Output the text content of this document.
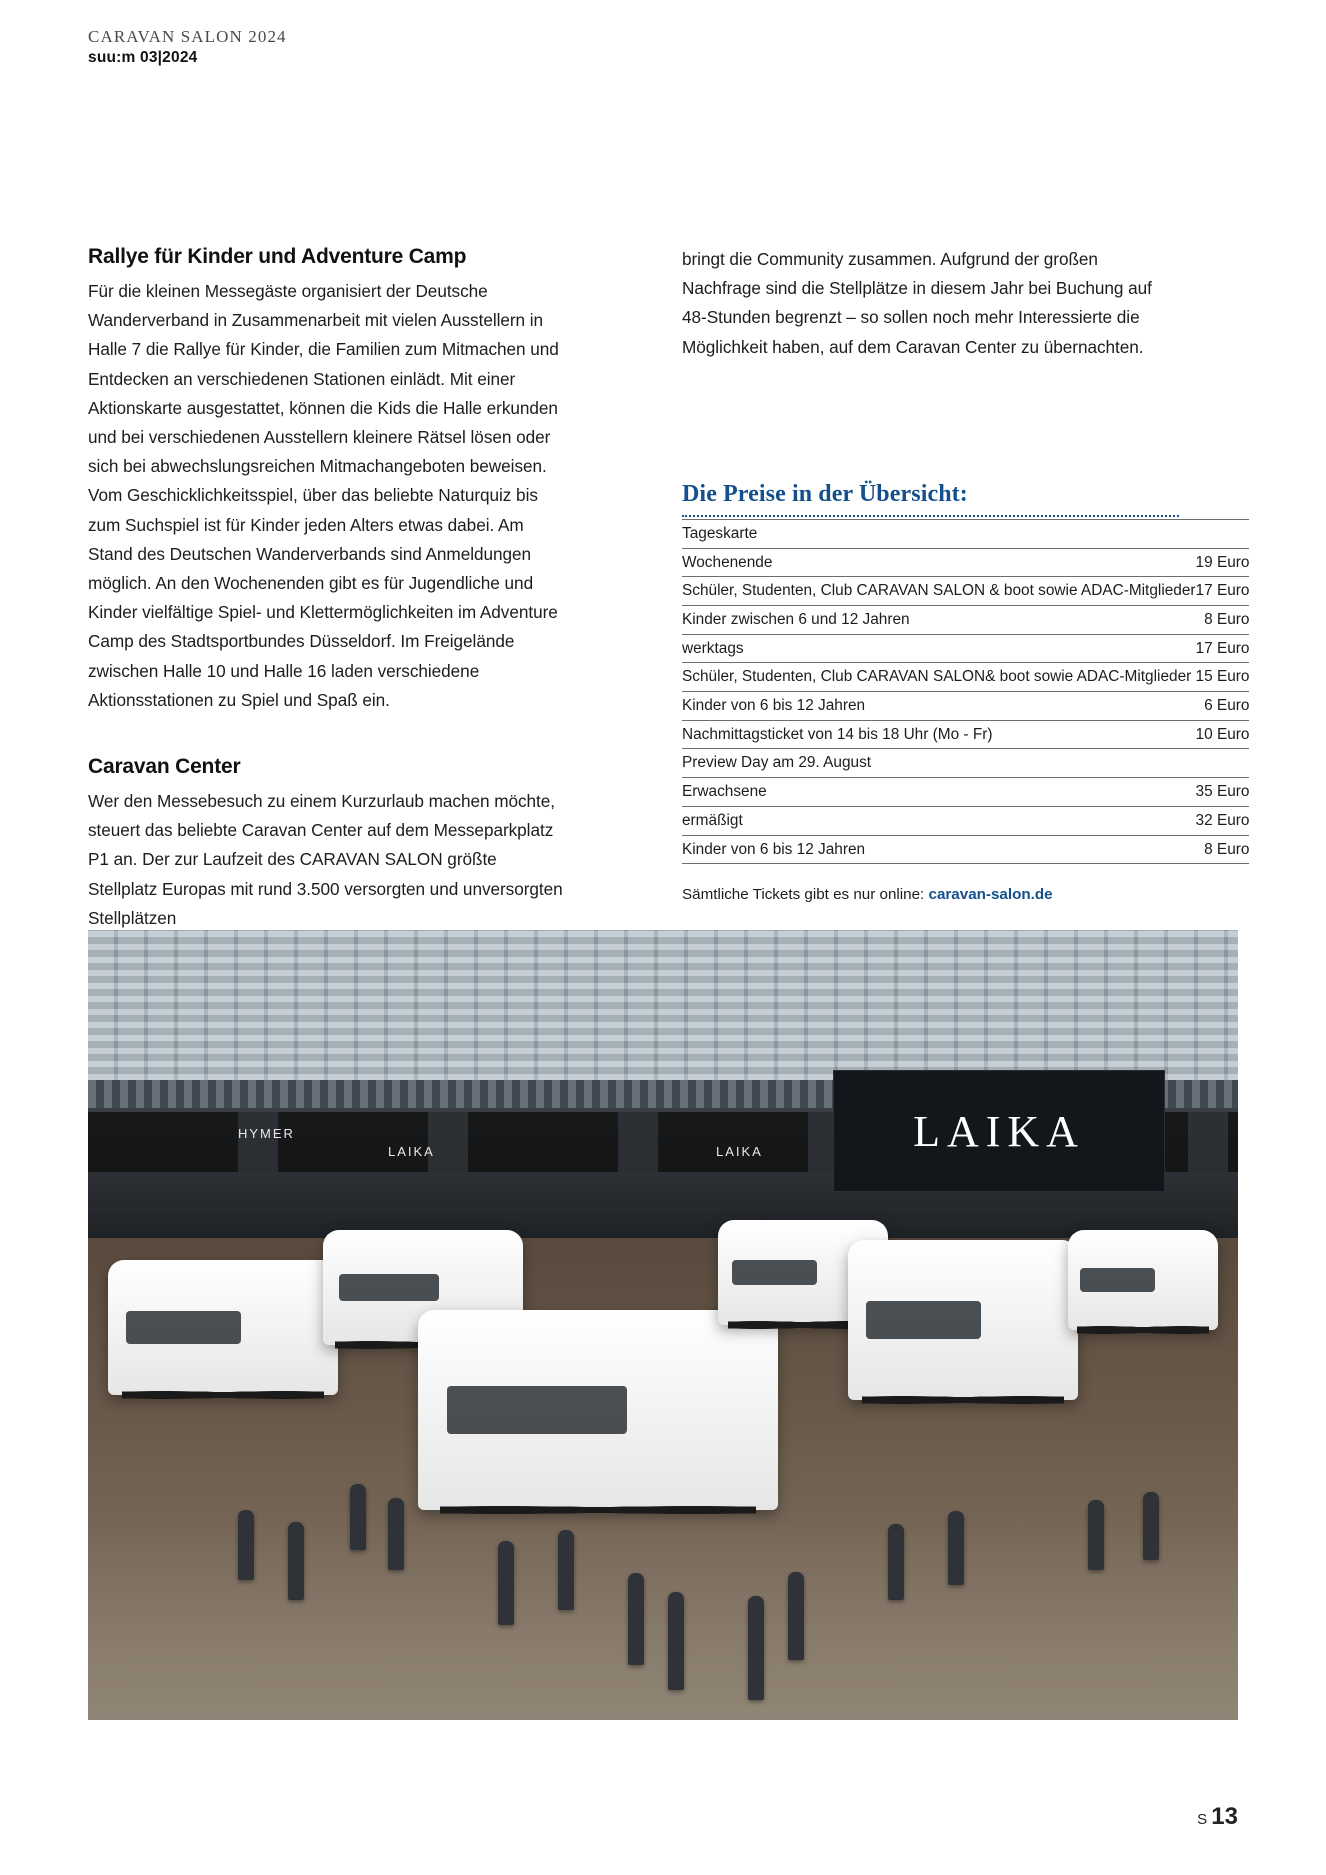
CARAVAN SALON 2024
suu:m 03|2024
Rallye für Kinder und Adventure Camp

Für die kleinen Messegäste organisiert der Deutsche Wanderverband in Zusammenarbeit mit vielen Ausstellern in Halle 7 die Rallye für Kinder, die Familien zum Mitmachen und Entdecken an verschiedenen Stationen einlädt. Mit einer Aktionskarte ausgestattet, können die Kids die Halle erkunden und bei verschiedenen Ausstellern kleinere Rätsel lösen oder sich bei abwechslungsreichen Mitmachangeboten beweisen. Vom Geschicklichkeitsspiel, über das beliebte Naturquiz bis zum Suchspiel ist für Kinder jeden Alters etwas dabei. Am Stand des Deutschen Wanderverbands sind Anmeldungen möglich. An den Wochenenden gibt es für Jugendliche und Kinder vielfältige Spiel- und Klettermöglichkeiten im Adventure Camp des Stadtsportbundes Düsseldorf. Im Freigelände zwischen Halle 10 und Halle 16 laden verschiedene Aktionsstationen zu Spiel und Spaß ein.

Caravan Center

Wer den Messebesuch zu einem Kurzurlaub machen möchte, steuert das beliebte Caravan Center auf dem Messeparkplatz P1 an. Der zur Laufzeit des CARAVAN SALON größte Stellplatz Europas mit rund 3.500 versorgten und unversorgten Stellplätzen

bringt die Community zusammen. Aufgrund der großen Nachfrage sind die Stellplätze in diesem Jahr bei Buchung auf 48-Stunden begrenzt – so sollen noch mehr Interessierte die Möglichkeit haben, auf dem Caravan Center zu übernachten.

Die Preise in der Übersicht:
Tageskarte	
Wochenende	19 Euro
Schüler, Studenten, Club CARAVAN SALON & boot sowie ADAC-Mitglieder	17 Euro
Kinder zwischen 6 und 12 Jahren	8 Euro
werktags	17 Euro
Schüler, Studenten, Club CARAVAN SALON& boot sowie ADAC-Mitglieder	15 Euro
Kinder von 6 bis 12 Jahren	6 Euro
Nachmittagsticket von 14 bis 18 Uhr (Mo - Fr)	10 Euro
Preview Day am 29. August	
Erwachsene	35 Euro
ermäßigt	32 Euro
Kinder von 6 bis 12 Jahren	8 Euro
Sämtliche Tickets gibt es nur online: caravan-salon.de
HYMER
LAIKA	LAIKA	LAIKA
S 13
